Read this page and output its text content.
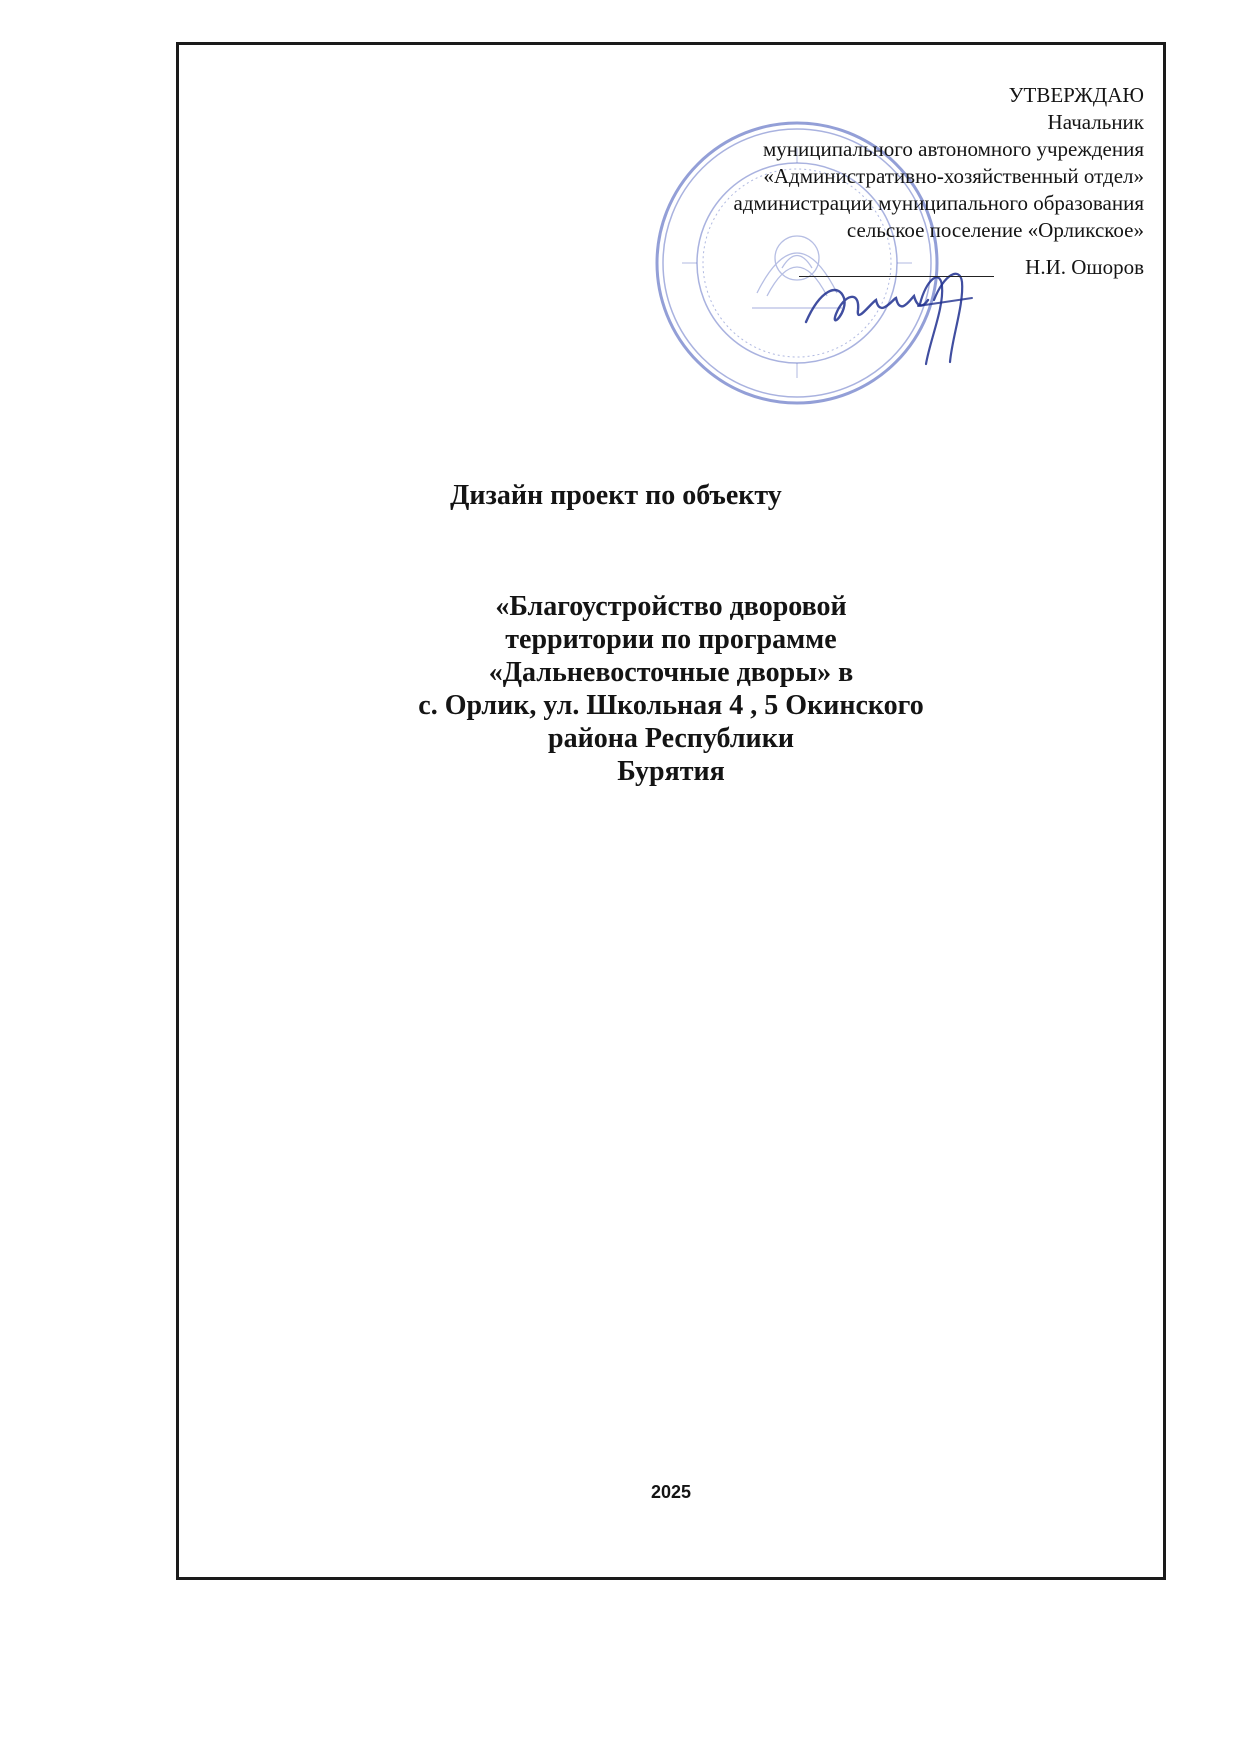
УТВЕРЖДАЮ
Начальник
муниципального автономного учреждения
«Административно-хозяйственный отдел»
администрации муниципального образования
сельское поселение «Орликское»
Н.И. Ошоров
Дизайн проект по объекту
«Благоустройство дворовой
территории по программе
«Дальневосточные дворы» в
с. Орлик, ул. Школьная 4 , 5 Окинского
района Республики
Бурятия
2025
